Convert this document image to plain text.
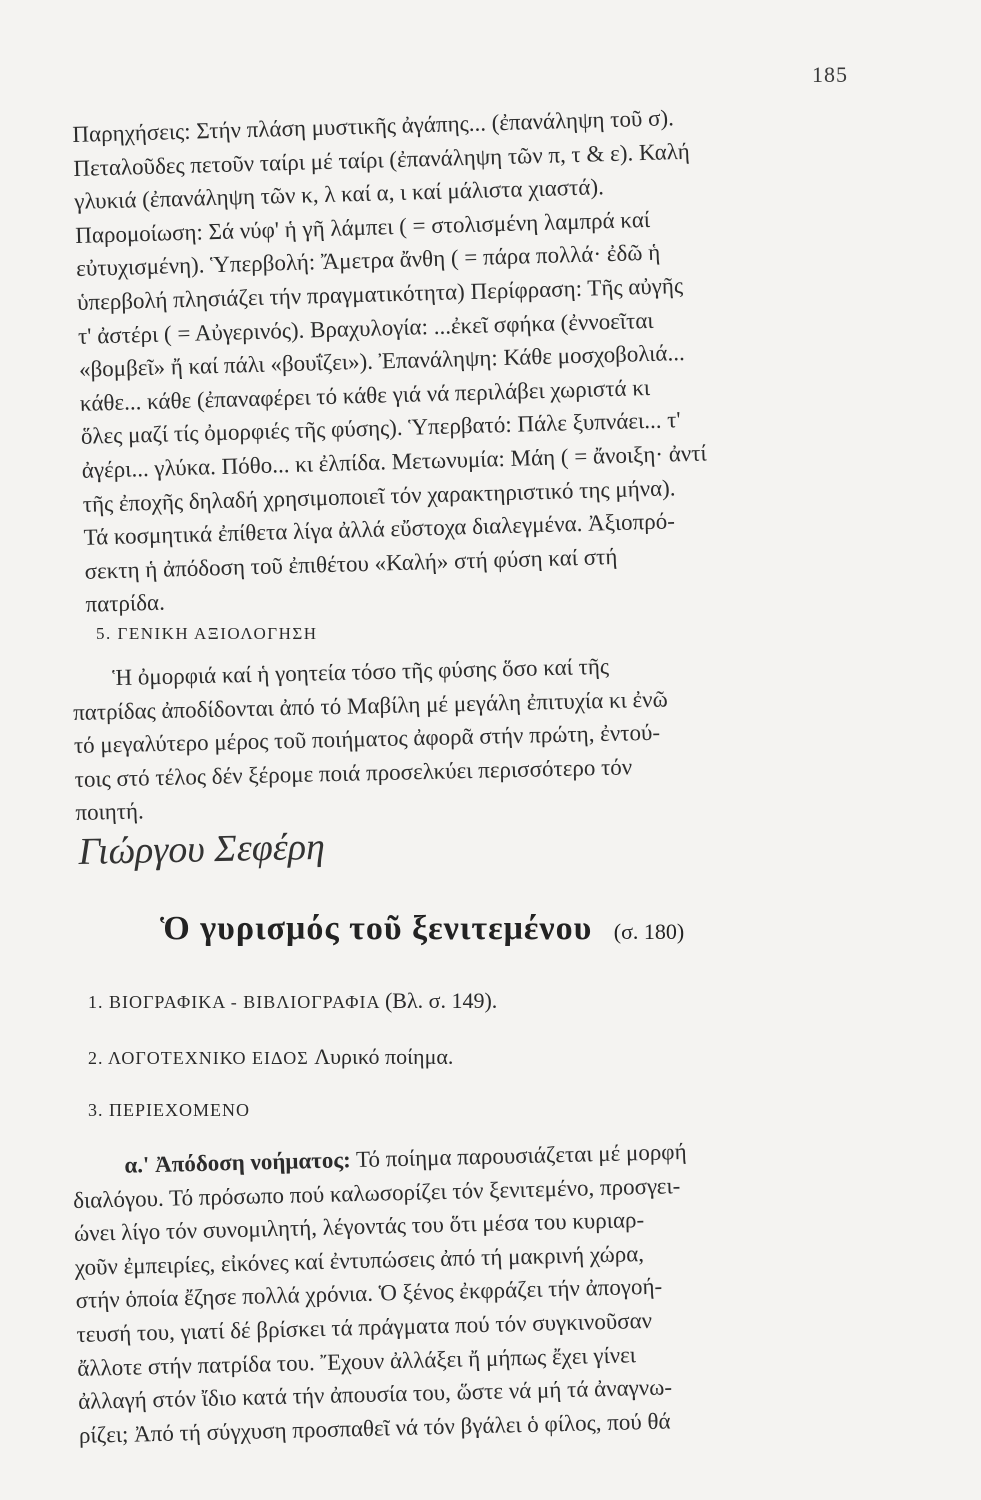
185
Παρηχήσεις: Στήν πλάση μυστικῆς ἀγάπης... (ἐπανάληψη τοῦ σ).
Πεταλοῦδες πετοῦν ταίρι μέ ταίρι (ἐπανάληψη τῶν π, τ & ε). Καλή
γλυκιά (ἐπανάληψη τῶν κ, λ καί α, ι καί μάλιστα χιαστά).
Παρομοίωση: Σά νύφ' ἡ γῆ λάμπει ( = στολισμένη λαμπρά καί
εὐτυχισμένη). Ὑπερβολή: Ἄμετρα ἄνθη ( = πάρα πολλά· ἐδῶ ἡ
ὑπερβολή πλησιάζει τήν πραγματικότητα) Περίφραση: Τῆς αὐγῆς
τ' ἀστέρι ( = Αὐγερινός). Βραχυλογία: ...ἐκεῖ σφήκα (ἐννοεῖται
«βομβεῖ» ἤ καί πάλι «βουΐζει»). Ἐπανάληψη: Κάθε μοσχοβολιά...
κάθε... κάθε (ἐπαναφέρει τό κάθε γιά νά περιλάβει χωριστά κι
ὅλες μαζί τίς ὀμορφιές τῆς φύσης). Ὑπερβατό: Πάλε ξυπνάει... τ'
ἀγέρι... γλύκα. Πόθο... κι ἐλπίδα. Μετωνυμία: Μάη ( = ἄνοιξη· ἀντί
τῆς ἐποχῆς δηλαδή χρησιμοποιεῖ τόν χαρακτηριστικό της μήνα).
Τά κοσμητικά ἐπίθετα λίγα ἀλλά εὔστοχα διαλεγμένα. Ἀξιοπρό-
σεκτη ἡ ἀπόδοση τοῦ ἐπιθέτου «Καλή» στή φύση καί στή
πατρίδα.
5. ΓΕΝΙΚΗ ΑΞΙΟΛΟΓΗΣΗ
Ἡ ὀμορφιά καί ἡ γοητεία τόσο τῆς φύσης ὅσο καί τῆς
πατρίδας ἀποδίδονται ἀπό τό Μαβίλη μέ μεγάλη ἐπιτυχία κι ἐνῶ
τό μεγαλύτερο μέρος τοῦ ποιήματος ἀφορᾶ στήν πρώτη, ἐντού-
τοις στό τέλος δέν ξέρομε ποιά προσελκύει περισσότερο τόν
ποιητή.
Γιώργου Σεφέρη
Ὁ γυρισμός τοῦ ξενιτεμένου (σ. 180)
1. ΒΙΟΓΡΑΦΙΚΑ - ΒΙΒΛΙΟΓΡΑΦΙΑ (Βλ. σ. 149).
2. ΛΟΓΟΤΕΧΝΙΚΟ ΕΙΔΟΣ Λυρικό ποίημα.
3. ΠΕΡΙΕΧΟΜΕΝΟ
α.' Ἀπόδοση νοήματος: Τό ποίημα παρουσιάζεται μέ μορφή
διαλόγου. Τό πρόσωπο πού καλωσορίζει τόν ξενιτεμένο, προσγει-
ώνει λίγο τόν συνομιλητή, λέγοντάς του ὅτι μέσα του κυριαρ-
χοῦν ἐμπειρίες, εἰκόνες καί ἐντυπώσεις ἀπό τή μακρινή χώρα,
στήν ὁποία ἔζησε πολλά χρόνια. Ὁ ξένος ἐκφράζει τήν ἀπογοή-
τευσή του, γιατί δέ βρίσκει τά πράγματα πού τόν συγκινοῦσαν
ἄλλοτε στήν πατρίδα του. Ἔχουν ἀλλάξει ἤ μήπως ἔχει γίνει
ἀλλαγή στόν ἴδιο κατά τήν ἀπουσία του, ὥστε νά μή τά ἀναγνω-
ρίζει; Ἀπό τή σύγχυση προσπαθεῖ νά τόν βγάλει ὁ φίλος, πού θά
